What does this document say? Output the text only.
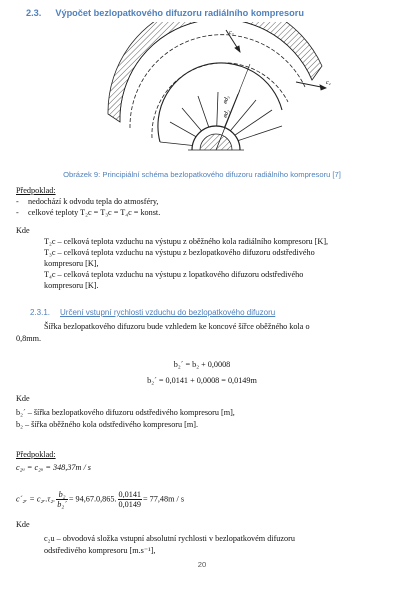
2.3. Výpočet bezlopatkového difuzoru radiálního kompresoru
c₃
c₂
ød₃
ød₂
Obrázek 9: Principiální schéma bezlopatkového difuzoru radiálního kompresoru [7]
Předpoklad:
- nedochází k odvodu tepla do atmosféry,
- celkové teploty T₂c = T₃c = T₄c = konst.
Kde
T₂c – celková teplota vzduchu na výstupu z oběžného kola radiálního kompresoru [K],
T₃c – celková teplota vzduchu na výstupu z bezlopatkového difuzoru odstředivého
kompresoru [K],
T₄c – celková teplota vzduchu na výstupu z lopatkového difuzoru odstředivého
kompresoru [K].
2.3.1. Určení vstupní rychlosti vzduchu do bezlopatkového difuzoru
Šířka bezlopatkového difuzoru bude vzhledem ke koncové šířce oběžného kola o
0,8mm.
b₂´ = b₂ + 0,0008
b₂´ = 0,0141 + 0,0008 = 0,0149m
Kde
b₂´ – šířka bezlopatkového difuzoru odstředivého kompresoru [m],
b₂ – šířka oběžného kola odstředivého kompresoru [m].
Předpoklad:
c₂ᵤ = c₂ᵤ = 348,37m / s
c´₂ᵣ = c₂ᵣ.τ₂. $\frac{\text{b₂}}{\text{b₂´}} = 94,67.0,865$. $\frac{0,0141}{0,0149} = 77,48m / s$
Kde
c₂u – obvodová složka vstupní absolutní rychlosti v bezlopatkovém difuzoru
odstředivého kompresoru [m.s⁻¹],
20
